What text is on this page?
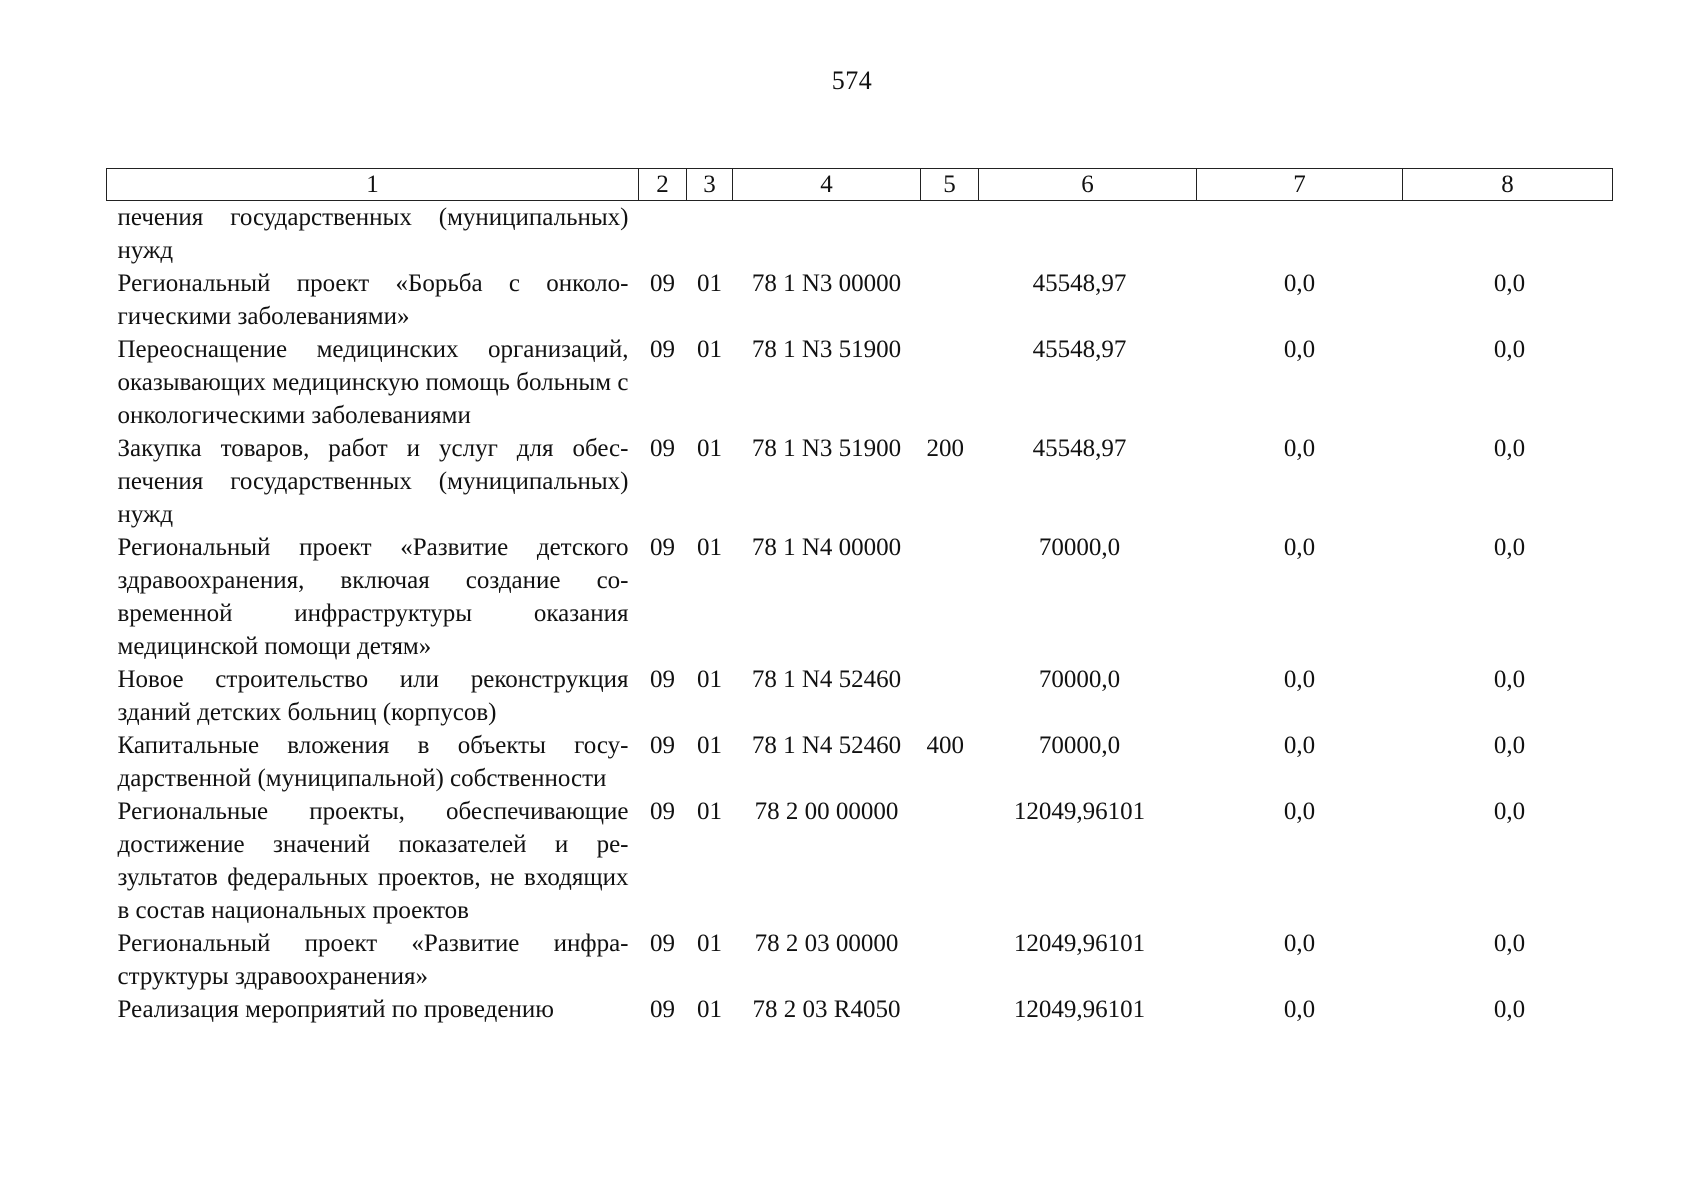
574
1	2	3	4	5	6	7	8
печения государственных (муниципальных) нужд							
Региональный проект «Борьба с онкологическими заболеваниями»	09	01	78 1 N3 00000		45548,97	0,0	0,0
Переоснащение медицинских организаций, оказывающих медицинскую помощь больным с онкологическими заболеваниями	09	01	78 1 N3 51900		45548,97	0,0	0,0
Закупка товаров, работ и услуг для обеспечения государственных (муниципальных) нужд	09	01	78 1 N3 51900	200	45548,97	0,0	0,0
Региональный проект «Развитие детского здравоохранения, включая создание современной инфраструктуры оказания медицинской помощи детям»	09	01	78 1 N4 00000		70000,0	0,0	0,0
Новое строительство или реконструкция зданий детских больниц (корпусов)	09	01	78 1 N4 52460		70000,0	0,0	0,0
Капитальные вложения в объекты государственной (муниципальной) собственности	09	01	78 1 N4 52460	400	70000,0	0,0	0,0
Региональные проекты, обеспечивающие достижение значений показателей и результатов федеральных проектов, не входящих в состав национальных проектов	09	01	78 2 00 00000		12049,96101	0,0	0,0
Региональный проект «Развитие инфраструктуры здравоохранения»	09	01	78 2 03 00000		12049,96101	0,0	0,0
Реализация мероприятий по проведению	09	01	78 2 03 R4050		12049,96101	0,0	0,0
